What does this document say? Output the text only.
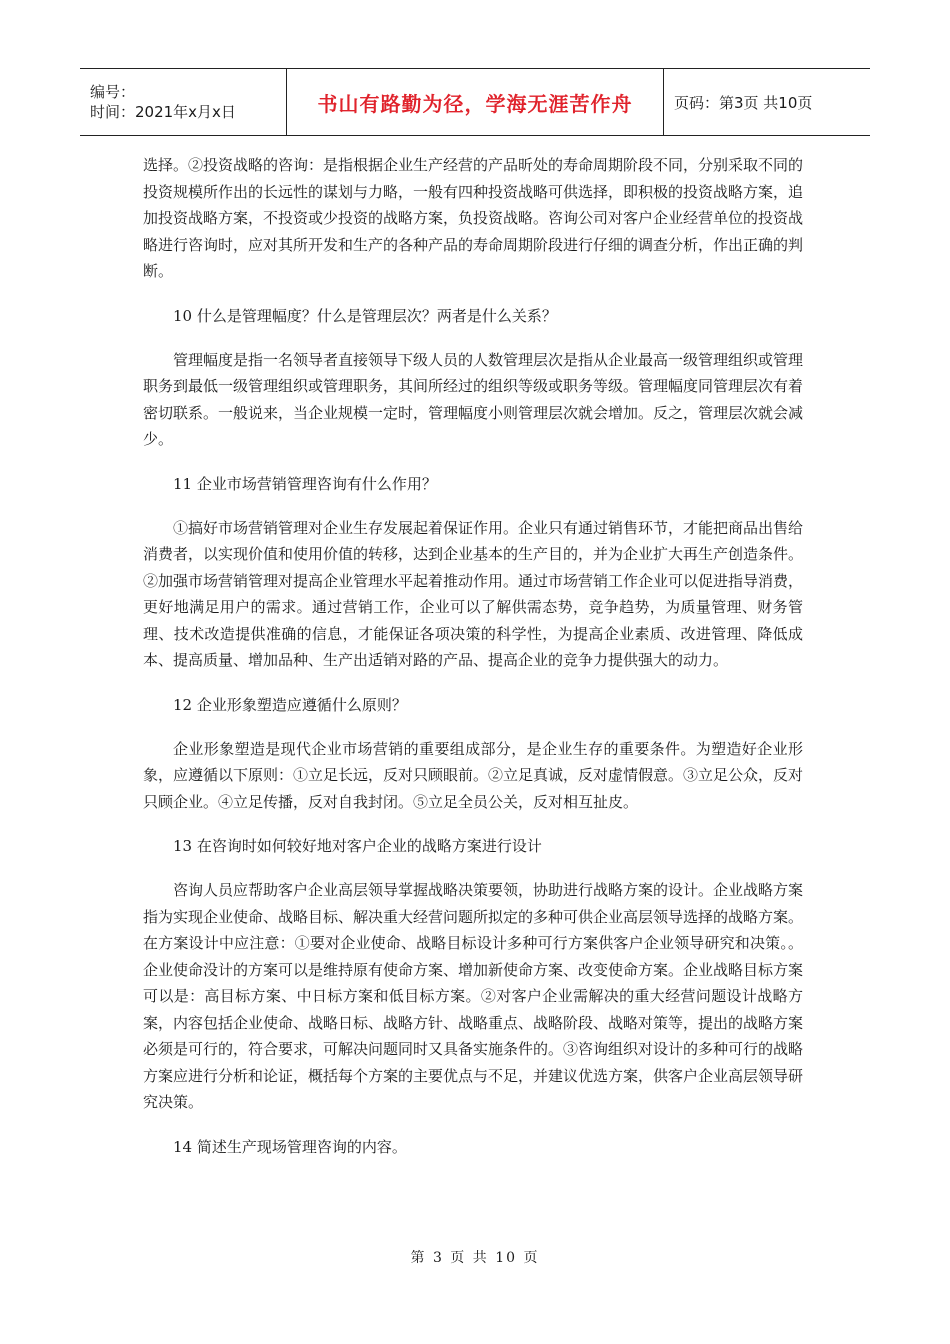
编号：
时间：2021年x月x日	书山有路勤为径，学海无涯苦作舟	页码：第3页 共10页

选择。②投资战略的咨询：是指根据企业生产经营的产品昕处的寿命周期阶段不同，分别采取不同的投资规模所作出的长远性的谋划与力略，一般有四种投资战略可供选择，即积极的投资战略方案，追加投资战略方案，不投资或少投资的战略方案，负投资战略。咨询公司对客户企业经营单位的投资战略进行咨询时，应对其所开发和生产的各种产品的寿命周期阶段进行仔细的调查分析，作出正确的判断。

10 什么是管理幅度？什么是管理层次？两者是什么关系？

管理幅度是指一名领导者直接领导下级人员的人数管理层次是指从企业最高一级管理组织或管理职务到最低一级管理组织或管理职务，其间所经过的组织等级或职务等级。管理幅度同管理层次有着密切联系。一般说来，当企业规模一定时，管理幅度小则管理层次就会增加。反之，管理层次就会减少。

11 企业市场营销管理咨询有什么作用？

①搞好市场营销管理对企业生存发展起着保证作用。企业只有通过销售环节，才能把商品出售给消费者，以实现价值和使用价值的转移，达到企业基本的生产目的，并为企业扩大再生产创造条件。②加强市场营销管理对提高企业管理水平起着推动作用。通过市场营销工作企业可以促进指导消费，更好地满足用户的需求。通过营销工作，企业可以了解供需态势，竞争趋势，为质量管理、财务管理、技术改造提供准确的信息，才能保证各项决策的科学性，为提高企业素质、改进管理、降低成本、提高质量、增加品种、生产出适销对路的产品、提高企业的竞争力提供强大的动力。

12 企业形象塑造应遵循什么原则？

企业形象塑造是现代企业市场营销的重要组成部分，是企业生存的重要条件。为塑造好企业形象，应遵循以下原则：①立足长远，反对只顾眼前。②立足真诚，反对虚情假意。③立足公众，反对只顾企业。④立足传播，反对自我封闭。⑤立足全员公关，反对相互扯皮。

13 在咨询时如何较好地对客户企业的战略方案进行设计

咨询人员应帮助客户企业高层领导掌握战略决策要领，协助进行战略方案的设计。企业战略方案指为实现企业使命、战略目标、解决重大经营问题所拟定的多种可供企业高层领导选择的战略方案。在方案设计中应注意：①要对企业使命、战略目标设计多种可行方案供客户企业领导研究和决策。。企业使命没计的方案可以是维持原有使命方案、增加新使命方案、改变使命方案。企业战略目标方案可以是：高目标方案、中日标方案和低目标方案。②对客户企业需解决的重大经营问题设计战略方案，内容包括企业使命、战略日标、战略方针、战略重点、战略阶段、战略对策等，提出的战略方案必须是可行的，符合要求，可解决问题同时又具备实施条件的。③咨询组织对设计的多种可行的战略方案应进行分析和论证，概括每个方案的主要优点与不足，并建议优选方案，供客户企业高层领导研究决策。

14 简述生产现场管理咨询的内容。

第 3 页 共 10 页
